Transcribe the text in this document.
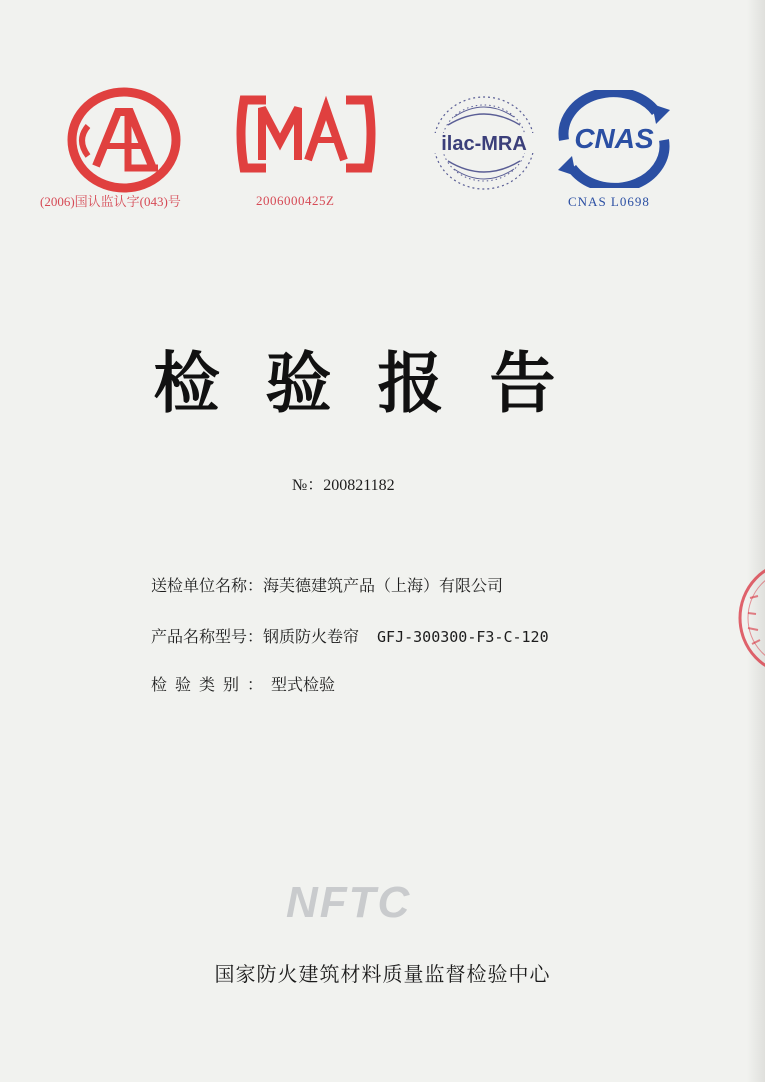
(2006)国认监认字(043)号	2006000425Z
ilac-MRA CNAS
CNAS L0698
检验报告
№：200821182
送检单位名称：海芙德建筑产品（上海）有限公司
产品名称型号：钢质防火卷帘 GFJ-300300-F3-C-120
检验类别：型式检验
NFTC
国家防火建筑材料质量监督检验中心
